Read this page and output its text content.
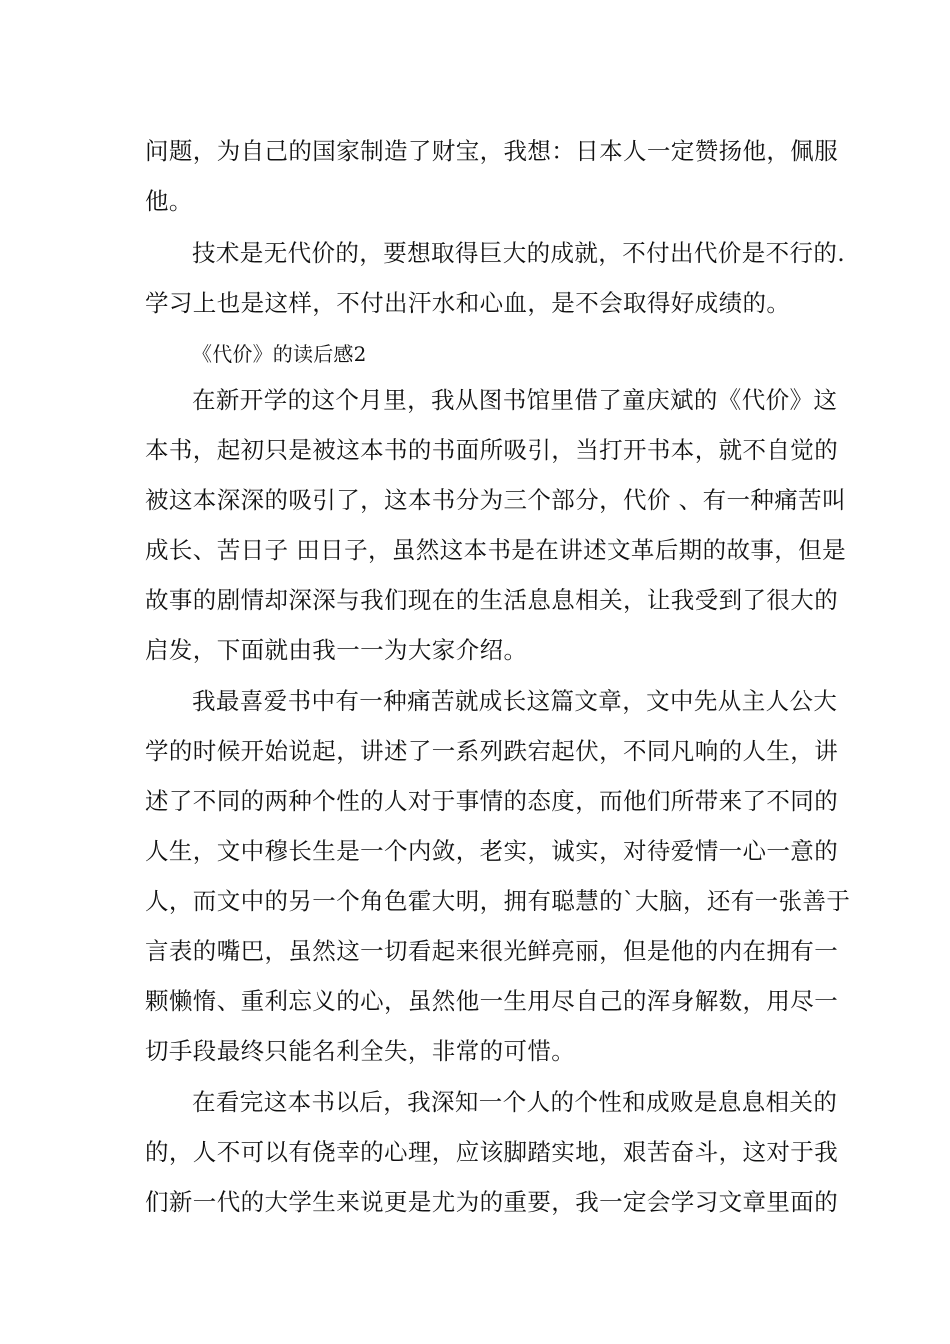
问题，为自己的国家制造了财宝，我想：日本人一定赞扬他，佩服

他。

技术是无代价的，要想取得巨大的成就，不付出代价是不行的.

学习上也是这样，不付出汗水和心血，是不会取得好成绩的。

《代价》的读后感2

在新开学的这个月里，我从图书馆里借了童庆斌的《代价》这

本书，起初只是被这本书的书面所吸引，当打开书本，就不自觉的

被这本深深的吸引了，这本书分为三个部分，代价 、有一种痛苦叫

成长、苦日子 田日子，虽然这本书是在讲述文革后期的故事，但是

故事的剧情却深深与我们现在的生活息息相关，让我受到了很大的

启发，下面就由我一一为大家介绍。

我最喜爱书中有一种痛苦就成长这篇文章，文中先从主人公大

学的时候开始说起，讲述了一系列跌宕起伏，不同凡响的人生，讲

述了不同的两种个性的人对于事情的态度，而他们所带来了不同的

人生，文中穆长生是一个内敛，老实，诚实，对待爱情一心一意的

人，而文中的另一个角色霍大明，拥有聪慧的`大脑，还有一张善于

言表的嘴巴，虽然这一切看起来很光鲜亮丽，但是他的内在拥有一

颗懒惰、重利忘义的心，虽然他一生用尽自己的浑身解数，用尽一

切手段最终只能名利全失，非常的可惜。

在看完这本书以后，我深知一个人的个性和成败是息息相关的

的，人不可以有侥幸的心理，应该脚踏实地，艰苦奋斗，这对于我

们新一代的大学生来说更是尤为的重要，我一定会学习文章里面的
